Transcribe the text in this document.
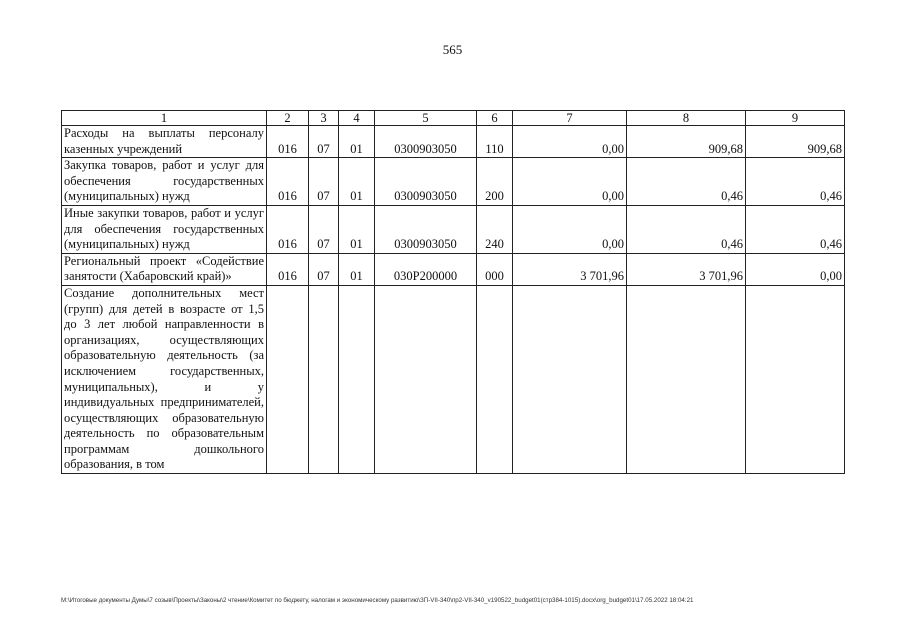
565
1	2	3	4	5	6	7	8	9
Расходы на выплаты персоналу казенных учреждений	016	07	01	0300903050	110	0,00	909,68	909,68
Закупка товаров, работ и услуг для обеспечения государственных (муниципальных) нужд	016	07	01	0300903050	200	0,00	0,46	0,46
Иные закупки товаров, работ и услуг для обеспечения государственных (муниципальных) нужд	016	07	01	0300903050	240	0,00	0,46	0,46
Региональный проект «Содействие занятости (Хабаровский край)»	016	07	01	030P200000	000	3 701,96	3 701,96	0,00
Создание дополнительных мест (групп) для детей в возрасте от 1,5 до 3 лет любой направленности в организациях, осуществляющих образовательную деятельность (за исключением государственных, муниципальных), и у индивидуальных предпринимателей, осуществляющих образовательную деятельность по образовательным программам дошкольного образования, в том								
M:\Итоговые документы Думы\7 созыв\Проекты\Законы\2 чтение\Комитет по бюджету, налогам и экономическому развитию\ЗП-VII-340\пр2-VII-340_v190522_budget01(стр384-1015).docx\org_budget01\17.05.2022 18:04:21
